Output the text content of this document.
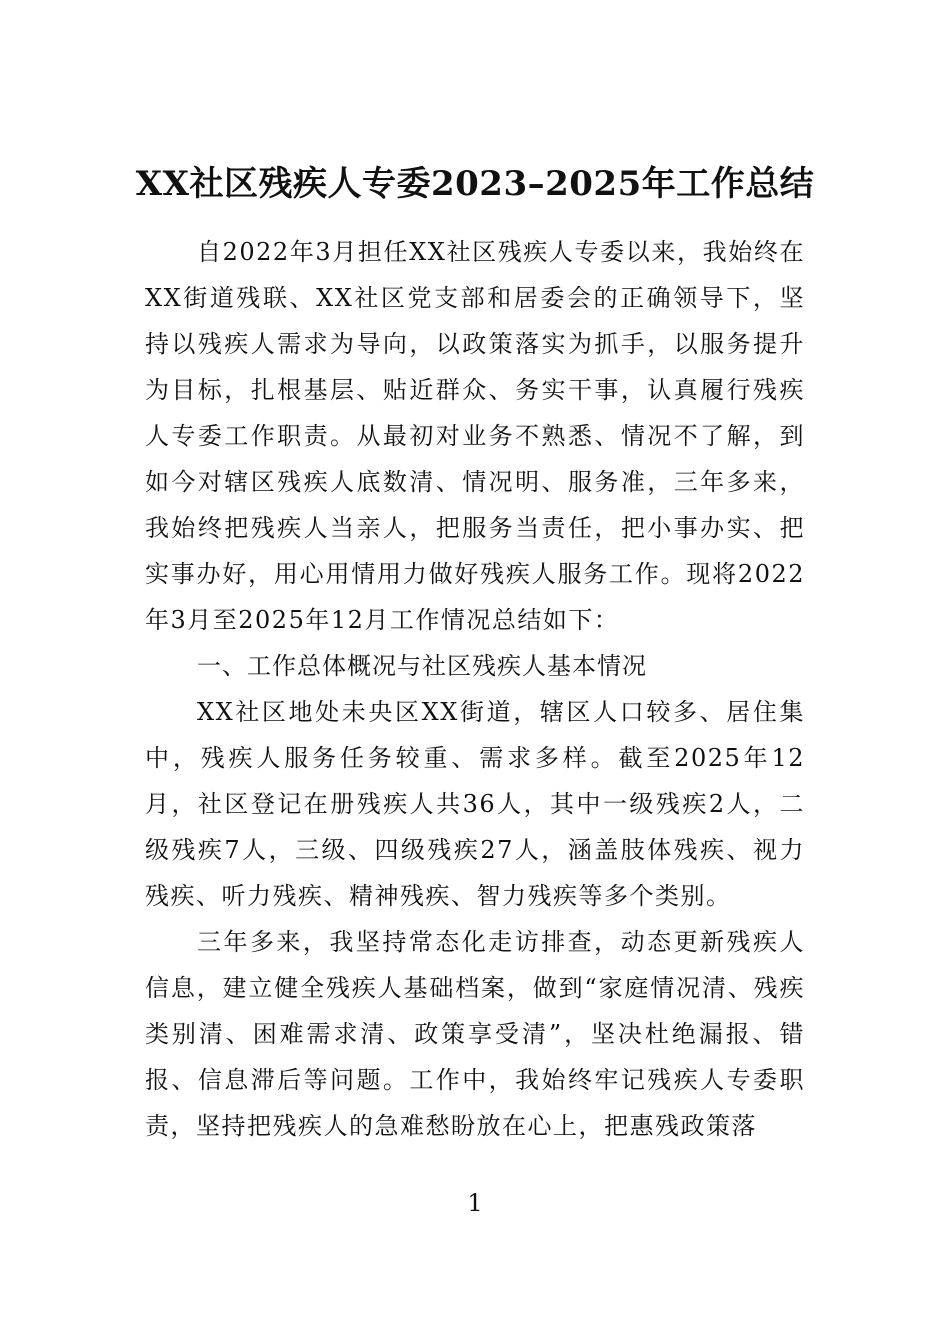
XX社区残疾人专委2023–2025年工作总结

自2022年3月担任XX社区残疾人专委以来，我始终在XX街道残联、XX社区党支部和居委会的正确领导下，坚持以残疾人需求为导向，以政策落实为抓手，以服务提升为目标，扎根基层、贴近群众、务实干事，认真履行残疾人专委工作职责。从最初对业务不熟悉、情况不了解，到如今对辖区残疾人底数清、情况明、服务准，三年多来，我始终把残疾人当亲人，把服务当责任，把小事办实、把实事办好，用心用情用力做好残疾人服务工作。现将2022年3月至2025年12月工作情况总结如下：

一、工作总体概况与社区残疾人基本情况

XX社区地处未央区XX街道，辖区人口较多、居住集中，残疾人服务任务较重、需求多样。截至2025年12月，社区登记在册残疾人共36人，其中一级残疾2人，二级残疾7人，三级、四级残疾27人，涵盖肢体残疾、视力残疾、听力残疾、精神残疾、智力残疾等多个类别。

三年多来，我坚持常态化走访排查，动态更新残疾人信息，建立健全残疾人基础档案，做到“家庭情况清、残疾类别清、困难需求清、政策享受清”，坚决杜绝漏报、错报、信息滞后等问题。工作中，我始终牢记残疾人专委职责，坚持把残疾人的急难愁盼放在心上，把惠残政策落

1
